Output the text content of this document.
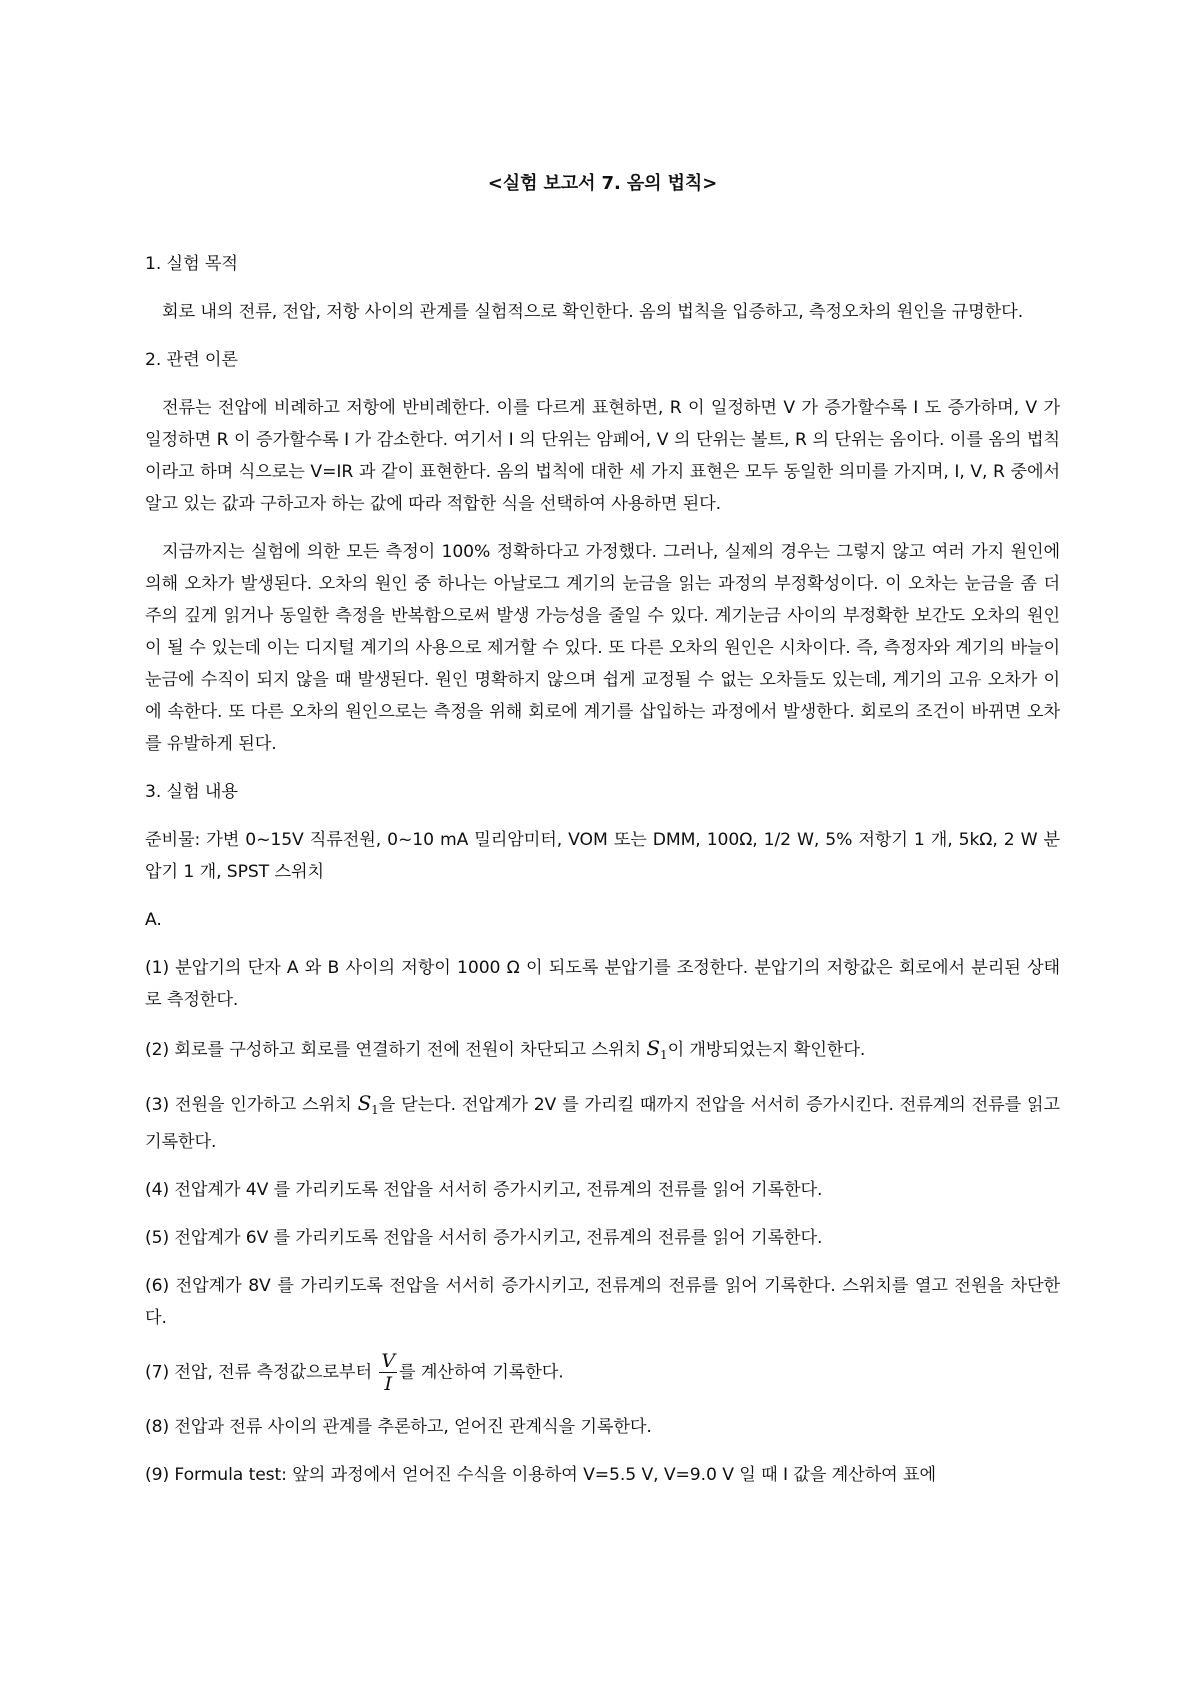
<실험 보고서 7. 옴의 법칙>

1. 실험 목적

회로 내의 전류, 전압, 저항 사이의 관계를 실험적으로 확인한다. 옴의 법칙을 입증하고, 측정오차의 원인을 규명한다.

2. 관련 이론

전류는 전압에 비례하고 저항에 반비례한다. 이를 다르게 표현하면, R 이 일정하면 V 가 증가할수록 I 도 증가하며, V 가 일정하면 R 이 증가할수록 I 가 감소한다. 여기서 I 의 단위는 암페어, V 의 단위는 볼트, R 의 단위는 옴이다. 이를 옴의 법칙이라고 하며 식으로는 V=IR 과 같이 표현한다. 옴의 법칙에 대한 세 가지 표현은 모두 동일한 의미를 가지며, I, V, R 중에서 알고 있는 값과 구하고자 하는 값에 따라 적합한 식을 선택하여 사용하면 된다.

지금까지는 실험에 의한 모든 측정이 100% 정확하다고 가정했다. 그러나, 실제의 경우는 그렇지 않고 여러 가지 원인에 의해 오차가 발생된다. 오차의 원인 중 하나는 아날로그 계기의 눈금을 읽는 과정의 부정확성이다. 이 오차는 눈금을 좀 더 주의 깊게 읽거나 동일한 측정을 반복함으로써 발생 가능성을 줄일 수 있다. 계기눈금 사이의 부정확한 보간도 오차의 원인이 될 수 있는데 이는 디지털 계기의 사용으로 제거할 수 있다. 또 다른 오차의 원인은 시차이다. 즉, 측정자와 계기의 바늘이 눈금에 수직이 되지 않을 때 발생된다. 원인 명확하지 않으며 쉽게 교정될 수 없는 오차들도 있는데, 계기의 고유 오차가 이에 속한다. 또 다른 오차의 원인으로는 측정을 위해 회로에 계기를 삽입하는 과정에서 발생한다. 회로의 조건이 바뀌면 오차를 유발하게 된다.

3. 실험 내용

준비물: 가변 0~15V 직류전원, 0~10 mA 밀리암미터, VOM 또는 DMM, 100Ω, 1/2 W, 5% 저항기 1 개, 5kΩ, 2 W 분압기 1 개, SPST 스위치

A.

(1) 분압기의 단자 A 와 B 사이의 저항이 1000 Ω 이 되도록 분압기를 조정한다. 분압기의 저항값은 회로에서 분리된 상태로 측정한다.

(2) 회로를 구성하고 회로를 연결하기 전에 전원이 차단되고 스위치 $S_1$이 개방되었는지 확인한다.

(3) 전원을 인가하고 스위치 $S_1$을 닫는다. 전압계가 2V 를 가리킬 때까지 전압을 서서히 증가시킨다. 전류계의 전류를 읽고 기록한다.

(4) 전압계가 4V 를 가리키도록 전압을 서서히 증가시키고, 전류계의 전류를 읽어 기록한다.

(5) 전압계가 6V 를 가리키도록 전압을 서서히 증가시키고, 전류계의 전류를 읽어 기록한다.

(6) 전압계가 8V 를 가리키도록 전압을 서서히 증가시키고, 전류계의 전류를 읽어 기록한다. 스위치를 열고 전원을 차단한다.

(7) 전압, 전류 측정값으로부터 $\frac{V}{I}$ 를 계산하여 기록한다.

(8) 전압과 전류 사이의 관계를 추론하고, 얻어진 관계식을 기록한다.

(9) Formula test: 앞의 과정에서 얻어진 수식을 이용하여 V=5.5 V, V=9.0 V 일 때 I 값을 계산하여 표에
